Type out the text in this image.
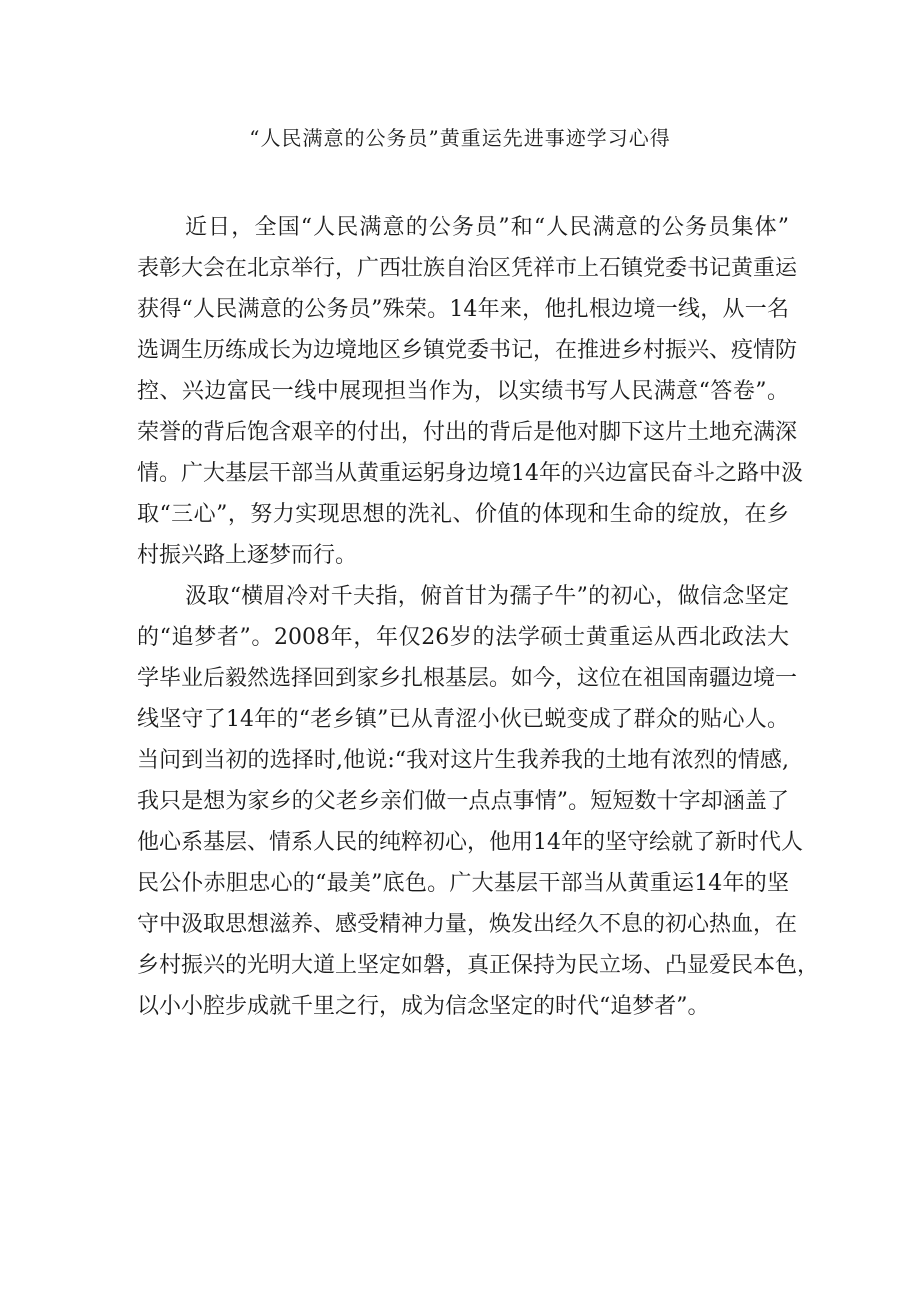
“人民满意的公务员”黄重运先进事迹学习心得
近日，全国“人民满意的公务员”和“人民满意的公务员集体”
表彰大会在北京举行，广西壮族自治区凭祥市上石镇党委书记黄重运
获得“人民满意的公务员”殊荣。14年来，他扎根边境一线，从一名
选调生历练成长为边境地区乡镇党委书记，在推进乡村振兴、疫情防
控、兴边富民一线中展现担当作为，以实绩书写人民满意“答卷”。
荣誉的背后饱含艰辛的付出，付出的背后是他对脚下这片土地充满深
情。广大基层干部当从黄重运躬身边境14年的兴边富民奋斗之路中汲
取“三心”，努力实现思想的洗礼、价值的体现和生命的绽放，在乡
村振兴路上逐梦而行。
汲取“横眉冷对千夫指，俯首甘为孺子牛”的初心，做信念坚定
的“追梦者”。2008年，年仅26岁的法学硕士黄重运从西北政法大
学毕业后毅然选择回到家乡扎根基层。如今，这位在祖国南疆边境一
线坚守了14年的“老乡镇”已从青涩小伙已蜕变成了群众的贴心人。
当问到当初的选择时,他说:“我对这片生我养我的土地有浓烈的情感,
我只是想为家乡的父老乡亲们做一点点事情”。短短数十字却涵盖了
他心系基层、情系人民的纯粹初心，他用14年的坚守绘就了新时代人
民公仆赤胆忠心的“最美”底色。广大基层干部当从黄重运14年的坚
守中汲取思想滋养、感受精神力量，焕发出经久不息的初心热血，在
乡村振兴的光明大道上坚定如磐，真正保持为民立场、凸显爱民本色，
以小小腔步成就千里之行，成为信念坚定的时代“追梦者”。
